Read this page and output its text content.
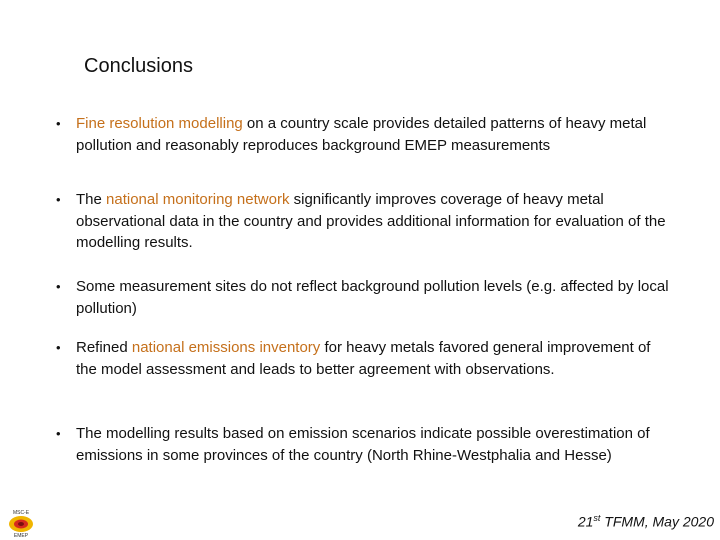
Conclusions
•	Fine resolution modelling on a country scale provides detailed patterns of heavy metal pollution and reasonably reproduces background EMEP measurements
•	The national monitoring network significantly improves coverage of heavy metal observational data in the country and provides additional information for evaluation of the modelling results.
•	Some measurement sites do not reflect background pollution levels (e.g. affected by local pollution)
•	Refined national emissions inventory for heavy metals favored general improvement of the model assessment and leads to better agreement with observations.
•	The modelling results based on emission scenarios indicate possible overestimation of emissions in some provinces of the country (North Rhine-Westphalia and Hesse)
MSC-E
EMEP
21st TFMM, May 2020
